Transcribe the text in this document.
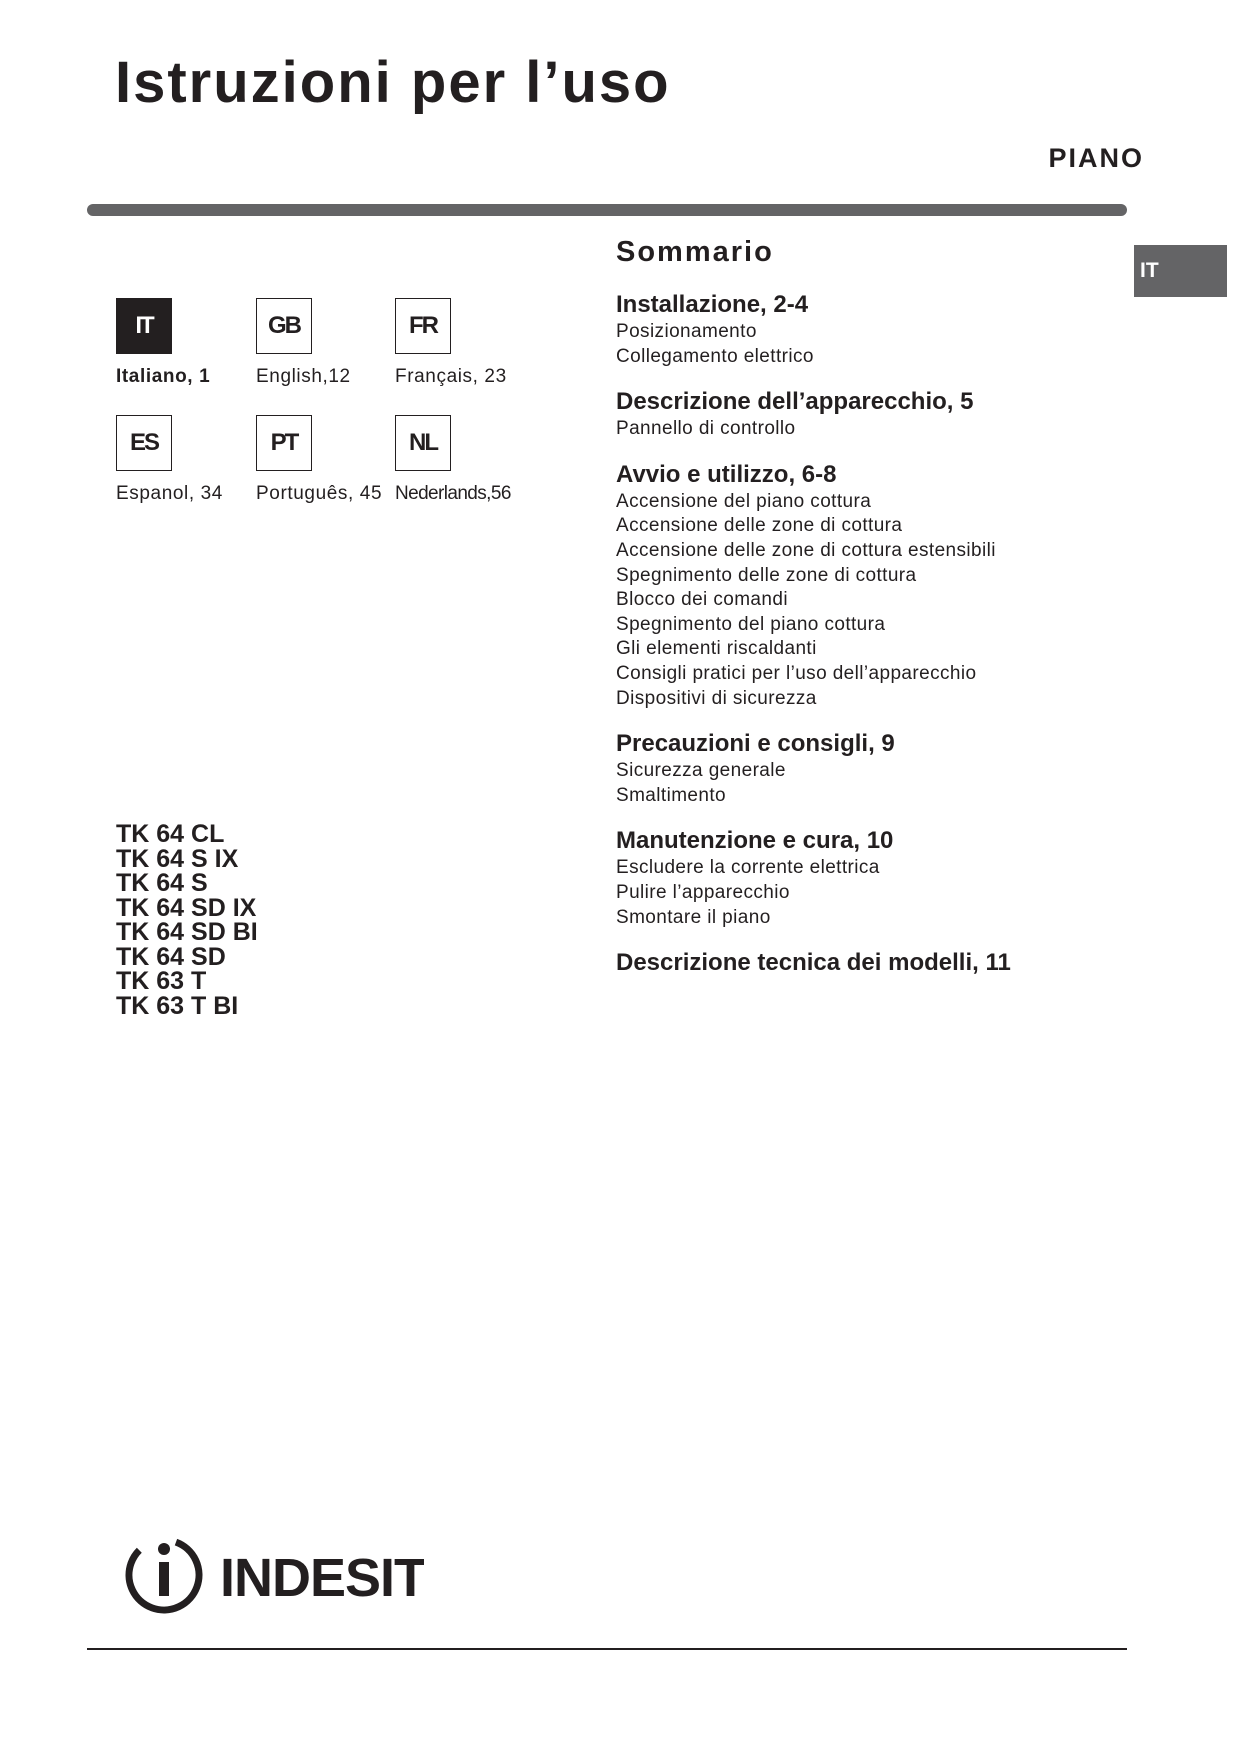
Istruzioni per l’uso
PIANO
IT
IT
Italiano, 1
GB
English,12
FR
Français, 23
ES
Espanol, 34
PT
Português, 45
NL
Nederlands,56
TK 64 CL
TK 64 S IX
TK 64 S
TK 64 SD IX
TK 64 SD BI
TK 64 SD
TK 63 T
TK 63 T BI
Sommario
Installazione, 2-4
Posizionamento
Collegamento elettrico
Descrizione dell’apparecchio, 5
Pannello di controllo
Avvio e utilizzo, 6-8
Accensione del piano cottura
Accensione delle zone di cottura
Accensione delle zone di cottura estensibili
Spegnimento delle zone di cottura
Blocco dei comandi
Spegnimento del piano cottura
Gli elementi riscaldanti
Consigli pratici per l’uso dell’apparecchio
Dispositivi di sicurezza
Precauzioni e consigli, 9
Sicurezza generale
Smaltimento
Manutenzione e cura, 10
Escludere la corrente elettrica
Pulire l’apparecchio
Smontare il piano
Descrizione tecnica dei modelli, 11
INDESIT
